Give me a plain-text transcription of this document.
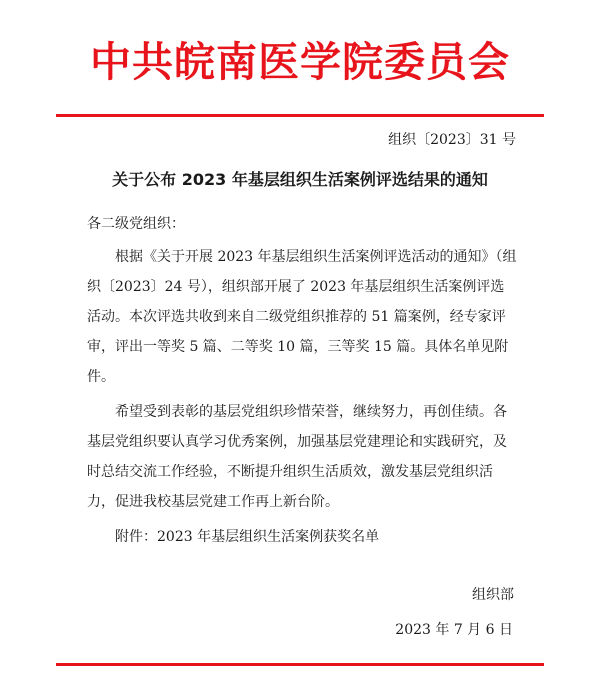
中共皖南医学院委员会
组织〔2023〕31 号
关于公布 2023 年基层组织生活案例评选结果的通知

各二级党组织：

根据《关于开展 2023 年基层组织生活案例评选活动的通知》（组织〔2023〕24 号），组织部开展了 2023 年基层组织生活案例评选活动。本次评选共收到来自二级党组织推荐的 51 篇案例，经专家评审，评出一等奖 5 篇、二等奖 10 篇，三等奖 15 篇。具体名单见附件。

希望受到表彰的基层党组织珍惜荣誉，继续努力，再创佳绩。各基层党组织要认真学习优秀案例，加强基层党建理论和实践研究，及时总结交流工作经验，不断提升组织生活质效，激发基层党组织活力，促进我校基层党建工作再上新台阶。

附件：2023 年基层组织生活案例获奖名单

组织部
2023 年 7 月 6 日
